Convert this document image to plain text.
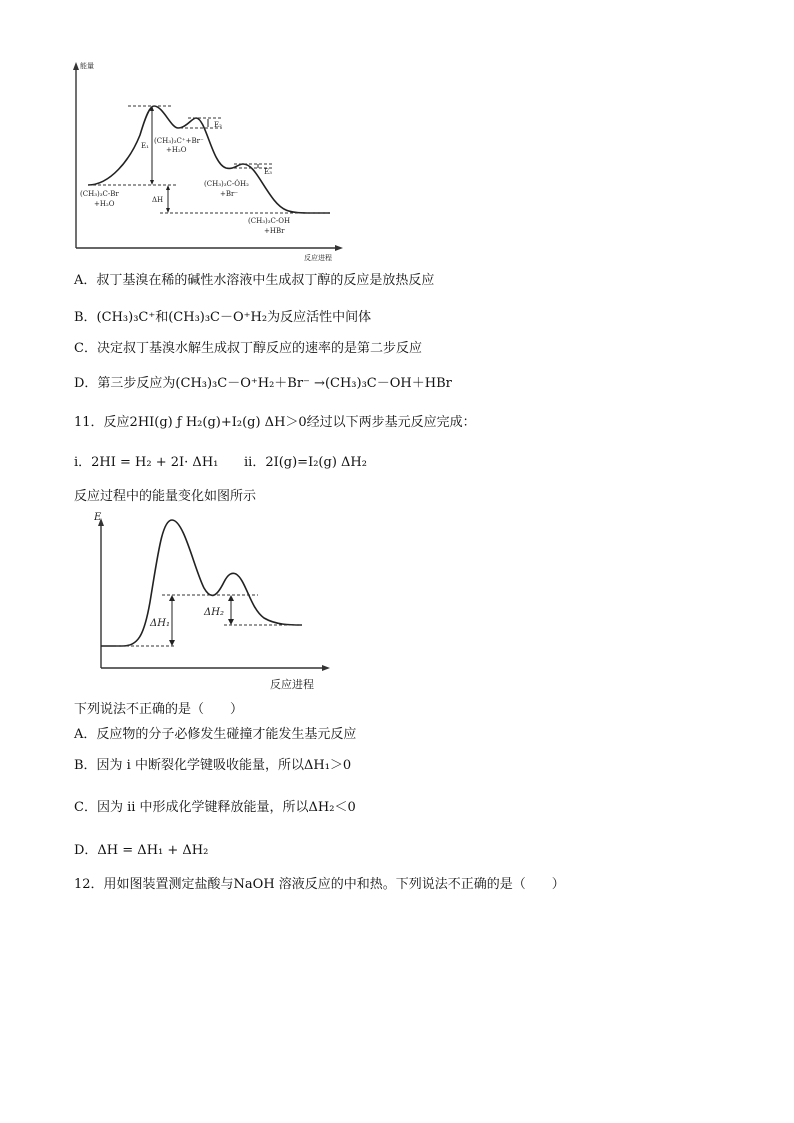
能量
反应进程
E₁
E₂
E₃
ΔH
(CH₃)₃C-Br
+H₂O
(CH₃)₃C⁺+Br⁻
+H₂O
(CH₃)₃C-ȮH₂
+Br⁻
(CH₃)₃C-OH
+HBr
A．叔丁基溴在稀的碱性水溶液中生成叔丁醇的反应是放热反应
B．(CH₃)₃C⁺和(CH₃)₃C－O⁺H₂为反应活性中间体
C．决定叔丁基溴水解生成叔丁醇反应的速率的是第二步反应
D．第三步反应为(CH₃)₃C－O⁺H₂＋Br⁻ →(CH₃)₃C－OH＋HBr
11．反应2HI(g) ƒ H₂(g)+I₂(g) ΔH＞0经过以下两步基元反应完成：
i．2HI = H₂ + 2I· ΔH₁ ii．2I(g)=I₂(g) ΔH₂
反应过程中的能量变化如图所示
E
反应进程
ΔH₁
ΔH₂
下列说法不正确的是（　　）
A．反应物的分子必修发生碰撞才能发生基元反应
B．因为 i 中断裂化学键吸收能量，所以ΔH₁＞0
C．因为 ii 中形成化学键释放能量，所以ΔH₂＜0
D．ΔH = ΔH₁ + ΔH₂
12．用如图装置测定盐酸与NaOH 溶液反应的中和热。下列说法不正确的是（　　）
